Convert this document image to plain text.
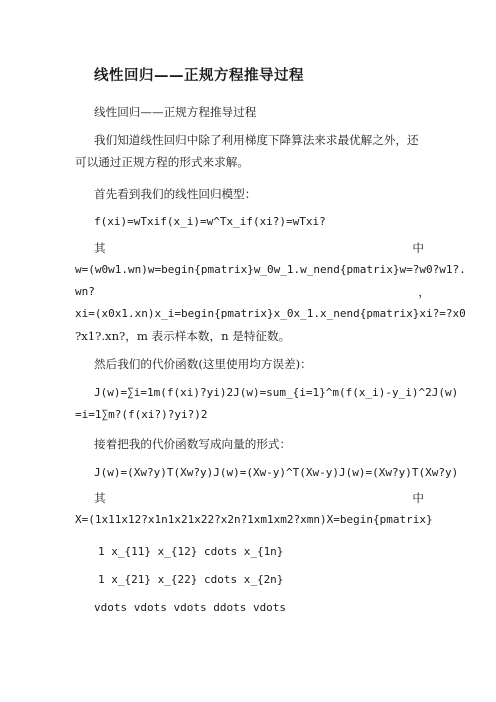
线性回归——正规方程推导过程
线性回归——正规方程推导过程
我们知道线性回归中除了利用梯度下降算法来求最优解之外，还
可以通过正规方程的形式来求解。
首先看到我们的线性回归模型：
f(xi)=wTxif(x_i)=w^Tx_if(xi?)=wTxi?
其	中
w=(w0w1.wn)w=begin{pmatrix}w_0w_1.w_nend{pmatrix}w=?w0?w1?.
wn?	，
xi=(x0x1.xn)x_i=begin{pmatrix}x_0x_1.x_nend{pmatrix}xi?=?x0
?x1?.xn?，m 表示样本数，n 是特征数。
然后我们的代价函数(这里使用均方误差)：
J(w)=∑i=1m(f(xi)?yi)2J(w)=sum_{i=1}^m(f(x_i)-y_i)^2J(w)
=i=1∑m?(f(xi?)?yi?)2
接着把我的代价函数写成向量的形式：
J(w)=(Xw?y)T(Xw?y)J(w)=(Xw-y)^T(Xw-y)J(w)=(Xw?y)T(Xw?y)
其	中
X=(1x11x12?x1n1x21x22?x2n?1xm1xm2?xmn)X=begin{pmatrix}
1 x_{11} x_{12} cdots x_{1n}
1 x_{21} x_{22} cdots x_{2n}
vdots vdots vdots ddots vdots
